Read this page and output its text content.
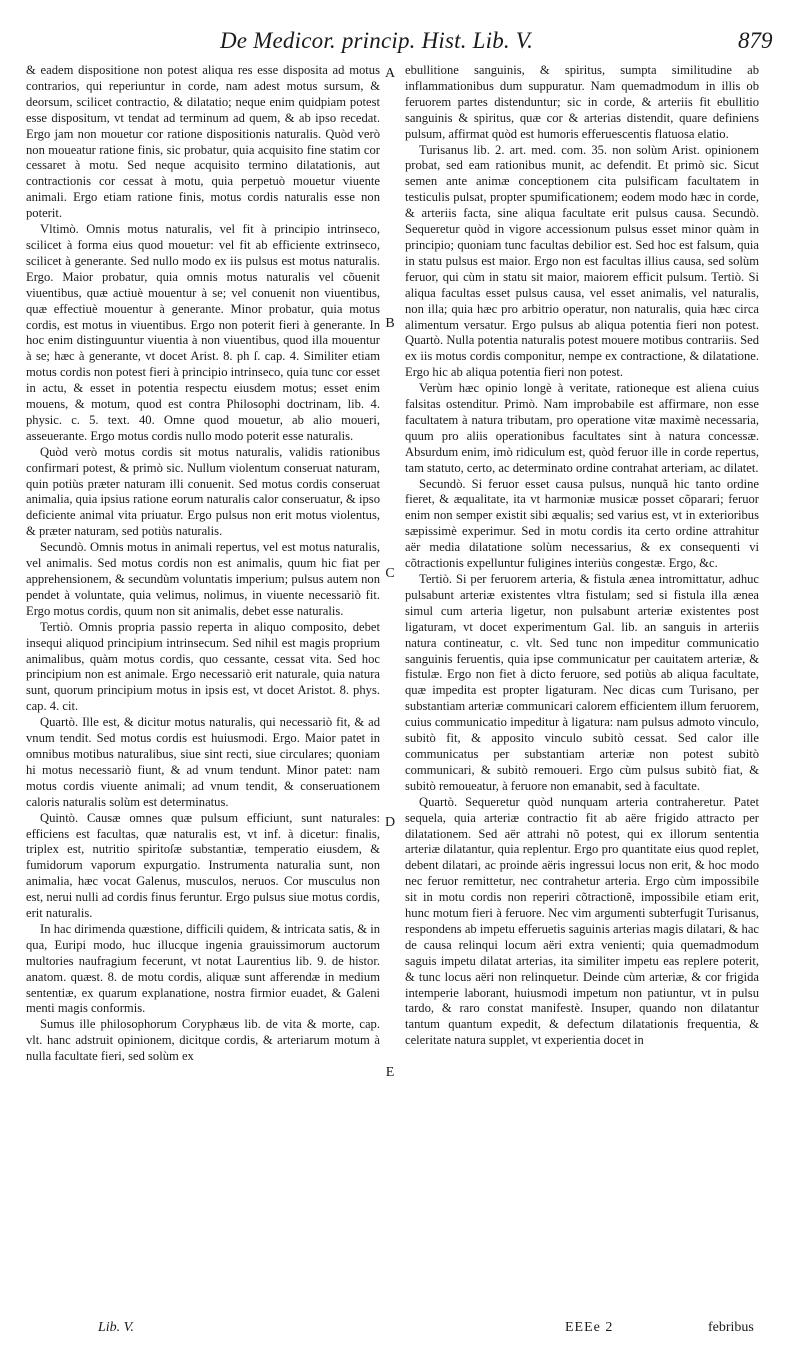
De Medicor. princip. Hist. Lib. V.	879

& eadem dispositione non potest aliqua res esse disposita ad motus contrarios, qui reperiuntur in corde, nam adest motus sursum, & deorsum, scilicet contractio, & dilatatio; neque enim quidpiam potest esse dispositum, vt tendat ad terminum ad quem, & ab ipso recedat. Ergo jam non mouetur cor ratione dispositionis naturalis. Quòd verò non moueatur ratione finis, sic probatur, quia acquisito fine statim cor cessaret à motu. Sed neque acquisito termino dilatationis, aut contractionis cor cessat à motu, quia perpetuò mouetur viuente animali. Ergo etiam ratione finis, motus cordis naturalis esse non poterit.

Vltimò. Omnis motus naturalis, vel fit à principio intrinseco, scilicet à forma eius quod mouetur: vel fit ab efficiente extrinseco, scilicet à generante. Sed nullo modo ex iis pulsus est motus naturalis. Ergo. Maior probatur, quia omnis motus naturalis vel cõuenit viuentibus, quæ actiuè mouentur à se; vel conuenit non viuentibus, quæ effectiuè mouentur à generante. Minor probatur, quia motus cordis, est motus in viuentibus. Ergo non poterit fieri à generante. In hoc enim distinguuntur viuentia à non viuentibus, quod illa mouentur à se; hæc à generante, vt docet Arist. 8. ph ſ. cap. 4. Similiter etiam motus cordis non potest fieri à principio intrinseco, quia tunc cor esset in actu, & esset in potentia respectu eiusdem motus; esset enim mouens, & motum, quod est contra Philosophi doctrinam, lib. 4. physic. c. 5. text. 40. Omne quod mouetur, ab alio moueri, asseuerante. Ergo motus cordis nullo modo poterit esse naturalis.

Quòd verò motus cordis sit motus naturalis, validis rationibus confirmari potest, & primò sic. Nullum violentum conseruat naturam, quin potiùs præter naturam illi conuenit. Sed motus cordis conseruat animalia, quia ipsius ratione eorum naturalis calor conseruatur, & ipso deficiente animal vita priuatur. Ergo pulsus non erit motus violentus, & præter naturam, sed potiùs naturalis.

Secundò. Omnis motus in animali repertus, vel est motus naturalis, vel animalis. Sed motus cordis non est animalis, quum hic fiat per apprehensionem, & secundùm voluntatis imperium; pulsus autem non pendet à voluntate, quia velimus, nolimus, in viuente necessariò fit. Ergo motus cordis, quum non sit animalis, debet esse naturalis.

Tertiò. Omnis propria passio reperta in aliquo composito, debet insequi aliquod principium intrinsecum. Sed nihil est magis proprium animalibus, quàm motus cordis, quo cessante, cessat vita. Sed hoc principium non est animale. Ergo necessariò erit naturale, quia natura sunt, quorum principium motus in ipsis est, vt docet Aristot. 8. phys. cap. 4. cit.

Quartò. Ille est, & dicitur motus naturalis, qui necessariò fit, & ad vnum tendit. Sed motus cordis est huiusmodi. Ergo. Maior patet in omnibus motibus naturalibus, siue sint recti, siue circulares; quoniam hi motus necessariò fiunt, & ad vnum tendunt. Minor patet: nam motus cordis viuente animali; ad vnum tendit, & conseruationem caloris naturalis solùm est determinatus.

Quintò. Causæ omnes quæ pulsum efficiunt, sunt naturales: efficiens est facultas, quæ naturalis est, vt inf. à dicetur: finalis, triplex est, nutritio spiritoſæ substantiæ, temperatio eiusdem, & fumidorum vaporum expurgatio. Instrumenta naturalia sunt, non animalia, hæc vocat Galenus, musculos, neruos. Cor musculus non est, nerui nulli ad cordis finus feruntur. Ergo pulsus siue motus cordis, erit naturalis.

In hac dirimenda quæstione, difficili quidem, & intricata satis, & in qua, Euripi modo, huc illucque ingenia grauissimorum auctorum multories naufragium fecerunt, vt notat Laurentius lib. 9. de histor. anatom. quæst. 8. de motu cordis, aliquæ sunt afferendæ in medium sententiæ, ex quarum explanatione, nostra firmior euadet, & Galeni menti magis conformis.

Sumus ille philosophorum Coryphæus lib. de vita & morte, cap. vlt. hanc adstruit opinionem, dicitque cordis, & arteriarum motum à nulla facultate fieri, sed solùm ex

A
B
C
D
E

ebullitione sanguinis, & spiritus, sumpta similitudine ab inflammationibus dum suppuratur. Nam quemadmodum in illis ob feruorem partes distenduntur; sic in corde, & arteriis fit ebullitio sanguinis & spiritus, quæ cor & arterias distendit, quare definiens pulsum, affirmat quòd est humoris efferuescentis flatuosa elatio.

Turisanus lib. 2. art. med. com. 35. non solùm Arist. opinionem probat, sed eam rationibus munit, ac defendit. Et primò sic. Sicut semen ante animæ conceptionem cita pulsificam facultatem in testiculis pulsat, propter spumificationem; eodem modo hæc in corde, & arteriis facta, sine aliqua facultate erit pulsus causa. Secundò. Sequeretur quòd in vigore accessionum pulsus esset minor quàm in principio; quoniam tunc facultas debilior est. Sed hoc est falsum, quia in statu pulsus est maior. Ergo non est facultas illius causa, sed solùm feruor, qui cùm in statu sit maior, maiorem efficit pulsum. Tertiò. Si aliqua facultas esset pulsus causa, vel esset animalis, vel naturalis, non illa; quia hæc pro arbitrio operatur, non naturalis, quia hæc circa alimentum versatur. Ergo pulsus ab aliqua potentia fieri non potest. Quartò. Nulla potentia naturalis potest mouere motibus contrariis. Sed ex iis motus cordis componitur, nempe ex contractione, & dilatatione. Ergo hic ab aliqua potentia fieri non potest.

Verùm hæc opinio longè à veritate, rationeque est aliena cuius falsitas ostenditur. Primò. Nam improbabile est affirmare, non esse facultatem à natura tributam, pro operatione vitæ maximè necessaria, quum pro aliis operationibus facultates sint à natura concessæ. Absurdum enim, imò ridiculum est, quòd feruor ille in corde repertus, tam statuto, certo, ac determinato ordine contrahat arteriam, ac dilatet.

Secundò. Si feruor esset causa pulsus, nunquã hic tanto ordine fieret, & æqualitate, ita vt harmoniæ musicæ posset cõparari; feruor enim non semper existit sibi æqualis; sed varius est, vt in exterioribus sæpissimè experimur. Sed in motu cordis ita certo ordine attrahitur aër media dilatatione solùm necessarius, & ex consequenti vi cõtractionis expelluntur fuligines interiùs congestæ. Ergo, &c.

Tertiò. Si per feruorem arteria, & fistula ænea intromittatur, adhuc pulsabunt arteriæ existentes vltra fistulam; sed si fistula illa ænea simul cum arteria ligetur, non pulsabunt arteriæ existentes post ligaturam, vt docet experimentum Gal. lib. an sanguis in arteriis natura contineatur, c. vlt. Sed tunc non impeditur communicatio sanguinis feruentis, quia ipse communicatur per cauitatem arteriæ, & fistulæ. Ergo non fiet à dicto feruore, sed potiùs ab aliqua facultate, quæ impedita est propter ligaturam. Nec dicas cum Turisano, per substantiam arteriæ communicari calorem efficientem illum feruorem, cuius communicatio impeditur à ligatura: nam pulsus admoto vinculo, subitò fit, & apposito vinculo subitò cessat. Sed calor ille communicatus per substantiam arteriæ non potest subitò communicari, & subitò remoueri. Ergo cùm pulsus subitò fiat, & subitò remoueatur, à feruore non emanabit, sed à facultate.

Quartò. Sequeretur quòd nunquam arteria contraheretur. Patet sequela, quia arteriæ contractio fit ab aëre frigido attracto per dilatationem. Sed aër attrahi nõ potest, qui ex illorum sententia arteriæ dilatantur, quia replentur. Ergo pro quantitate eius quod replet, debent dilatari, ac proinde aëris ingressui locus non erit, & hoc modo nec feruor remittetur, nec contrahetur arteria. Ergo cùm impossibile sit in motu cordis non reperiri cõtractionẽ, impossibile etiam erit, hunc motum fieri à feruore. Nec vim argumenti subterfugit Turisanus, respondens ab impetu efferuetis saguinis arterias magis dilatari, & hac de causa relinqui locum aëri extra venienti; quia quemadmodum saguis impetu dilatat arterias, ita similiter impetu eas replere poterit, & tunc locus aëri non relinquetur. Deinde cùm arteriæ, & cor frigida intemperie laborant, huiusmodi impetum non patiuntur, vt in pulsu tardo, & raro constat manifestè. Insuper, quando non dilatantur tantum quantum expedit, & defectum dilatationis frequentia, & celeritate natura supplet, vt experientia docet in

Lib. V.	EEEe 2	febribus
